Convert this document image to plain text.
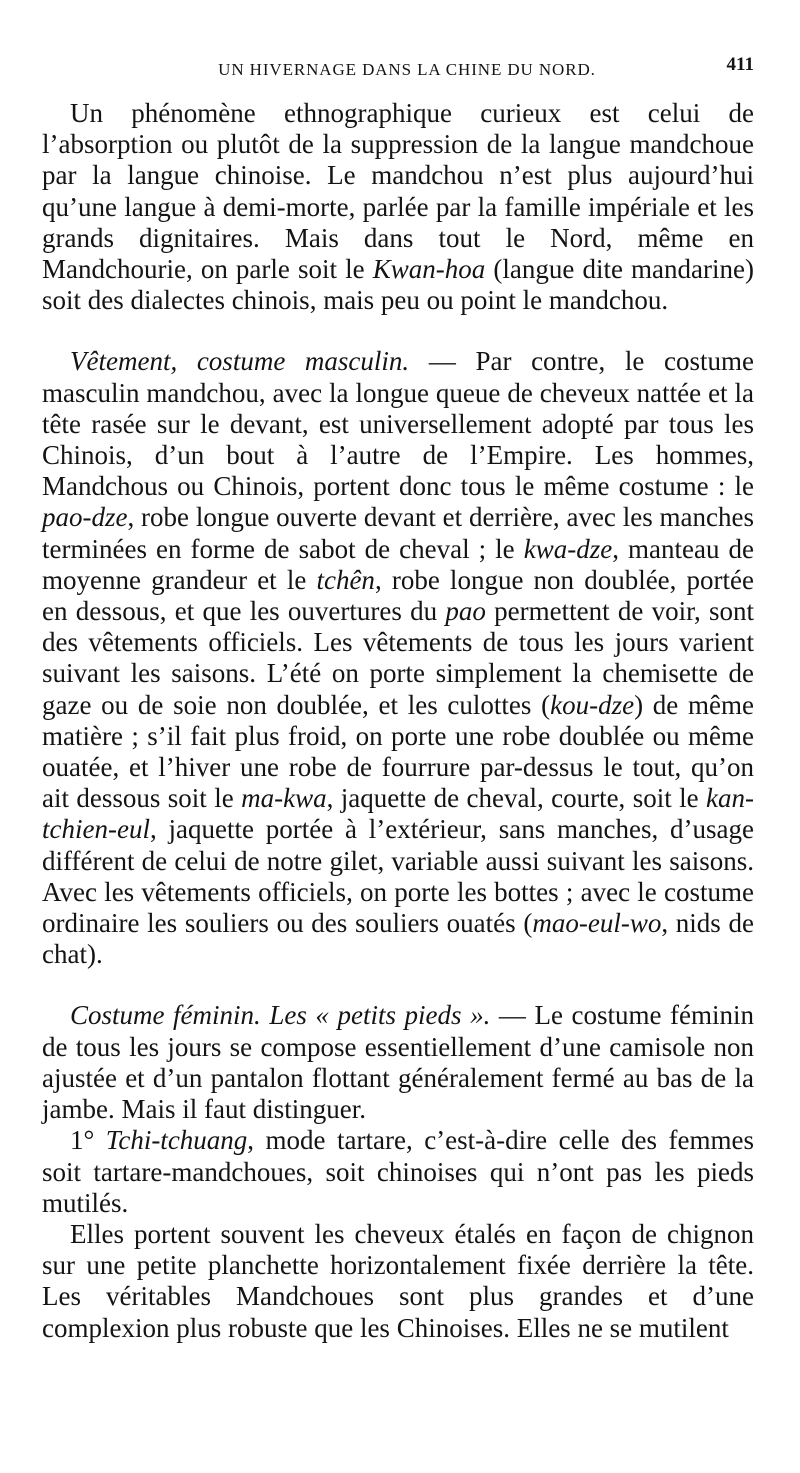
UN HIVERNAGE DANS LA CHINE DU NORD.	411

Un phénomène ethnographique curieux est celui de l’absorption ou plutôt de la suppression de la langue mandchoue par la langue chinoise. Le mandchou n’est plus aujourd’hui qu’une langue à demi-morte, parlée par la famille impériale et les grands dignitaires. Mais dans tout le Nord, même en Mandchourie, on parle soit le Kwan-hoa (langue dite mandarine) soit des dialectes chinois, mais peu ou point le mandchou.

Vêtement, costume masculin. — Par contre, le costume masculin mandchou, avec la longue queue de cheveux nattée et la tête rasée sur le devant, est universellement adopté par tous les Chinois, d’un bout à l’autre de l’Empire. Les hommes, Mandchous ou Chinois, portent donc tous le même costume : le pao-dze, robe longue ouverte devant et derrière, avec les manches terminées en forme de sabot de cheval ; le kwa-dze, manteau de moyenne grandeur et le tchên, robe longue non doublée, portée en dessous, et que les ouvertures du pao permettent de voir, sont des vêtements officiels. Les vêtements de tous les jours varient suivant les saisons. L’été on porte simplement la chemisette de gaze ou de soie non doublée, et les culottes (kou-dze) de même matière ; s’il fait plus froid, on porte une robe doublée ou même ouatée, et l’hiver une robe de fourrure par-dessus le tout, qu’on ait dessous soit le ma-kwa, jaquette de cheval, courte, soit le kan-tchien-eul, jaquette portée à l’extérieur, sans manches, d’usage différent de celui de notre gilet, variable aussi suivant les saisons. Avec les vêtements officiels, on porte les bottes ; avec le costume ordinaire les souliers ou des souliers ouatés (mao-eul-wo, nids de chat).

Costume féminin. Les « petits pieds ». — Le costume féminin de tous les jours se compose essentiellement d’une camisole non ajustée et d’un pantalon flottant généralement fermé au bas de la jambe. Mais il faut distinguer.

1° Tchi-tchuang, mode tartare, c’est-à-dire celle des femmes soit tartare-mandchoues, soit chinoises qui n’ont pas les pieds mutilés.

Elles portent souvent les cheveux étalés en façon de chignon sur une petite planchette horizontalement fixée derrière la tête. Les véritables Mandchoues sont plus grandes et d’une complexion plus robuste que les Chinoises. Elles ne se mutilent
